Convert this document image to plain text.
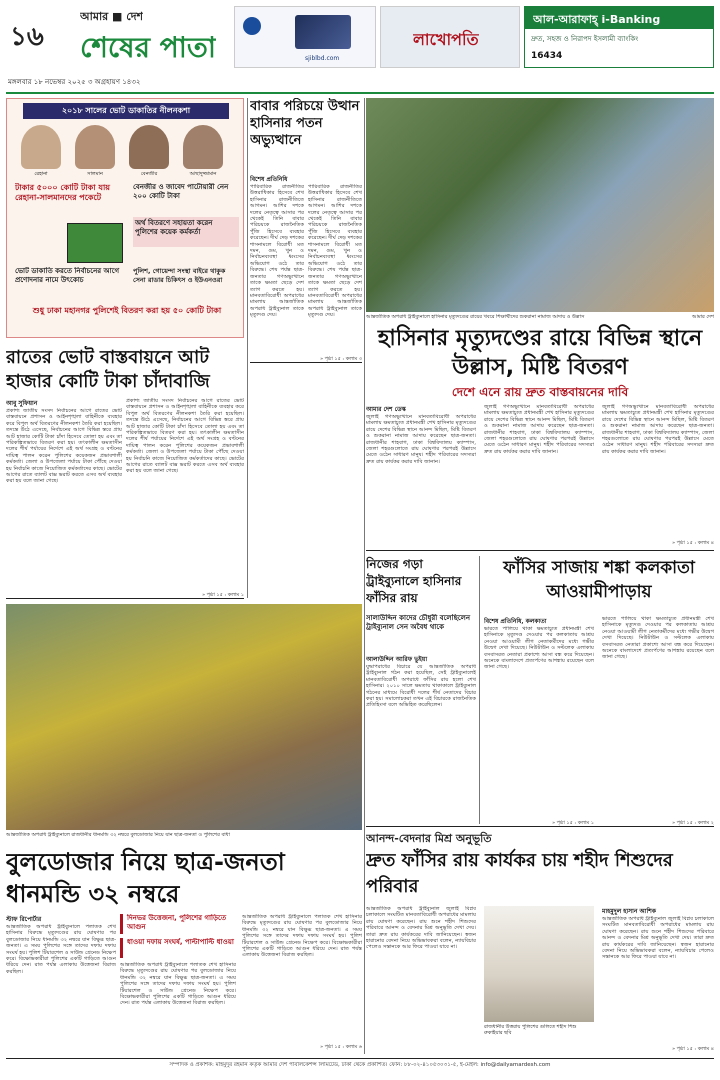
১৬
আমার ■ দেশ
শেষের পাতা
মঙ্গলবার ১৮ নভেম্বর ২০২৫ ৩ অগ্রহায়ণ ১৪৩২
sjiblbd.com
লাখোপতি
আল-আরাফাহ্ i-Banking
দ্রুত, সহজ ও নিরাপদ ইসলামী ব্যাংকিং
16434
২০১৮ সালের ভোট ডাকাতির নীলনকশা
রেহানা	সালমান	বেনজীর	আছাদুজ্জামান
টাকার ৫০০০ কোটি টাকা যায় রেহানা-সালমানদের পকেটে
বেনজীর ও জাবেদ পাটোয়ারী নেন ২০০ কোটি টাকা
অর্থ বিতরণে সহায়তা করেন পুলিশের কয়েক কর্মকর্তা
ভোট ডাকাতি করতে নির্বাচনের আগে প্রণোদনার নামে উৎকোচ
পুলিশ, গোয়েন্দা সংস্থা বাইরে থাকুক সেনা রাডার চিকিৎস ও ইউএনওরা
শুধু ঢাকা মহানগর পুলিশেই বিতরণ করা হয় ৫০ কোটি টাকা
রাতের ভোট বাস্তবায়নে আট হাজার কোটি টাকা চাঁদাবাজি
আবু সুফিয়ান
প্রকাশ্য জাতীয় সংসদ নির্বাচনের আগে রাতের ভোট বাস্তবায়নে প্রশাসন ও আইনশৃঙ্খলা বাহিনীকে ব্যবহার করে বিপুল অর্থ বিতরণের নীলনকশা তৈরি করা হয়েছিল। তদন্তে উঠে এসেছে, নির্বাচনের আগে বিভিন্ন স্তরে প্রায় আট হাজার কোটি টাকা চাঁদা হিসেবে তোলা হয় এবং তা পরিকল্পিতভাবে বিতরণ করা হয়। তৎকালীন ক্ষমতাসীন দলের শীর্ষ পর্যায়ের নির্দেশে এই অর্থ সংগ্রহ ও বণ্টনের দায়িত্ব পালন করেন পুলিশের কয়েকজন প্রভাবশালী কর্মকর্তা। জেলা ও উপজেলা পর্যায়ে টাকা পৌঁছে দেওয়া হয় নির্বাচনি কাজে নিয়োজিত কর্মকর্তাদের কাছে। ভোটের আগের রাতে ব্যালট বাক্স ভরাট করতে এসব অর্থ ব্যবহার করা হয় বলে জানা গেছে।
প্রকাশ্য জাতীয় সংসদ নির্বাচনের আগে রাতের ভোট বাস্তবায়নে প্রশাসন ও আইনশৃঙ্খলা বাহিনীকে ব্যবহার করে বিপুল অর্থ বিতরণের নীলনকশা তৈরি করা হয়েছিল। তদন্তে উঠে এসেছে, নির্বাচনের আগে বিভিন্ন স্তরে প্রায় আট হাজার কোটি টাকা চাঁদা হিসেবে তোলা হয় এবং তা পরিকল্পিতভাবে বিতরণ করা হয়। তৎকালীন ক্ষমতাসীন দলের শীর্ষ পর্যায়ের নির্দেশে এই অর্থ সংগ্রহ ও বণ্টনের দায়িত্ব পালন করেন পুলিশের কয়েকজন প্রভাবশালী কর্মকর্তা। জেলা ও উপজেলা পর্যায়ে টাকা পৌঁছে দেওয়া হয় নির্বাচনি কাজে নিয়োজিত কর্মকর্তাদের কাছে। ভোটের আগের রাতে ব্যালট বাক্স ভরাট করতে এসব অর্থ ব্যবহার করা হয় বলে জানা গেছে।
» পৃষ্ঠা ১৫ : কলাম ১
বাবার পরিচয়ে উত্থান হাসিনার পতন অভ্যুত্থানে
বিশেষ প্রতিনিধি
পারিবারিক রাজনীতির উত্তরাধিকার হিসেবে শেখ হাসিনার রাজনীতিতে আগমন। আশির দশকে দলের নেতৃত্বে আসার পর থেকেই তিনি বাবার পরিচয়কে রাজনৈতিক পুঁজি হিসেবে ব্যবহার করেছেন। দীর্ঘ দেড় দশকের শাসনামলে বিরোধী মত দমন, গুম, খুন ও নির্বাচনব্যবস্থা ধ্বংসের অভিযোগ ওঠে তার বিরুদ্ধে। শেষ পর্যন্ত ছাত্র-জনতার গণঅভ্যুত্থানে তাকে ক্ষমতা ছেড়ে দেশ ত্যাগ করতে হয়। মানবতাবিরোধী অপরাধের মামলায় আন্তর্জাতিক অপরাধ ট্রাইব্যুনাল তাকে মৃত্যুদণ্ড দেয়।
পারিবারিক রাজনীতির উত্তরাধিকার হিসেবে শেখ হাসিনার রাজনীতিতে আগমন। আশির দশকে দলের নেতৃত্বে আসার পর থেকেই তিনি বাবার পরিচয়কে রাজনৈতিক পুঁজি হিসেবে ব্যবহার করেছেন। দীর্ঘ দেড় দশকের শাসনামলে বিরোধী মত দমন, গুম, খুন ও নির্বাচনব্যবস্থা ধ্বংসের অভিযোগ ওঠে তার বিরুদ্ধে। শেষ পর্যন্ত ছাত্র-জনতার গণঅভ্যুত্থানে তাকে ক্ষমতা ছেড়ে দেশ ত্যাগ করতে হয়। মানবতাবিরোধী অপরাধের মামলায় আন্তর্জাতিক অপরাধ ট্রাইব্যুনাল তাকে মৃত্যুদণ্ড দেয়।
» পৃষ্ঠা ১৫ : কলাম ৩
আন্তর্জাতিক অপরাধ ট্রাইব্যুনালে হাসিনার মৃত্যুদণ্ডের রায়ের খবরে শিক্ষার্থীদের শুকরানা নামাজ আদায় ও উল্লাস	আমার দেশ
হাসিনার মৃত্যুদণ্ডের রায়ে বিভিন্ন স্থানে উল্লাস, মিষ্টি বিতরণ
দেশে এনে রায় দ্রুত বাস্তবায়নের দাবি
আমার দেশ ডেস্ক
জুলাই গণঅভ্যুত্থানে মানবতাবিরোধী অপরাধের মামলায় ক্ষমতাচ্যুত প্রধানমন্ত্রী শেখ হাসিনার মৃত্যুদণ্ডের রায়ে দেশের বিভিন্ন স্থানে আনন্দ মিছিল, মিষ্টি বিতরণ ও শুকরানা নামাজ আদায় করেছেন ছাত্র-জনতা। রাজধানীর শাহবাগ, ঢাকা বিশ্ববিদ্যালয় ক্যাম্পাস, জেলা শহরগুলোতে রায় ঘোষণার পরপরই উল্লাসে মেতে ওঠেন সাধারণ মানুষ। শহীদ পরিবারের সদস্যরা দ্রুত রায় কার্যকর করার দাবি জানান।
জুলাই গণঅভ্যুত্থানে মানবতাবিরোধী অপরাধের মামলায় ক্ষমতাচ্যুত প্রধানমন্ত্রী শেখ হাসিনার মৃত্যুদণ্ডের রায়ে দেশের বিভিন্ন স্থানে আনন্দ মিছিল, মিষ্টি বিতরণ ও শুকরানা নামাজ আদায় করেছেন ছাত্র-জনতা। রাজধানীর শাহবাগ, ঢাকা বিশ্ববিদ্যালয় ক্যাম্পাস, জেলা শহরগুলোতে রায় ঘোষণার পরপরই উল্লাসে মেতে ওঠেন সাধারণ মানুষ। শহীদ পরিবারের সদস্যরা দ্রুত রায় কার্যকর করার দাবি জানান।
জুলাই গণঅভ্যুত্থানে মানবতাবিরোধী অপরাধের মামলায় ক্ষমতাচ্যুত প্রধানমন্ত্রী শেখ হাসিনার মৃত্যুদণ্ডের রায়ে দেশের বিভিন্ন স্থানে আনন্দ মিছিল, মিষ্টি বিতরণ ও শুকরানা নামাজ আদায় করেছেন ছাত্র-জনতা। রাজধানীর শাহবাগ, ঢাকা বিশ্ববিদ্যালয় ক্যাম্পাস, জেলা শহরগুলোতে রায় ঘোষণার পরপরই উল্লাসে মেতে ওঠেন সাধারণ মানুষ। শহীদ পরিবারের সদস্যরা দ্রুত রায় কার্যকর করার দাবি জানান।
» পৃষ্ঠা ১৫ : কলাম ৪
আন্তর্জাতিক অপরাধ ট্রাইব্যুনালে রাজধানীর ধানমন্ডি ৩২ নম্বরে বুলডোজার নিয়ে যান ছাত্র-জনতা ও পুলিশের বাধা
নিজের গড়া ট্রাইব্যুনালে হাসিনার ফাঁসির রায়
সালাউদ্দিন কাদের চৌধুরী বলেছিলেন ট্রাইব্যুনাল সেন অবৈধ থাকে
আলাউদ্দিন আরিফ ভুইয়া
যুদ্ধাপরাধের বিচারে যে আন্তর্জাতিক অপরাধ ট্রাইব্যুনাল গঠন করা হয়েছিল, সেই ট্রাইব্যুনালেই মানবতাবিরোধী অপরাধে ফাঁসির রায় হলো শেখ হাসিনার। ২০১০ সালে ক্ষমতায় থাকাকালে ট্রাইব্যুনাল গঠনের মাধ্যমে বিরোধী দলের শীর্ষ নেতাদের বিচার করা হয়। সমালোচকরা তখন এই বিচারকে রাজনৈতিক প্রতিহিংসা বলে অভিহিত করেছিলেন।
ফাঁসির সাজায় শঙ্কা কলকাতা আওয়ামীপাড়ায়
বিশেষ প্রতিনিধি, কলকাতা
ভারতে পালিয়ে থাকা ক্ষমতাচ্যুত প্রধানমন্ত্রী শেখ হাসিনাকে মৃত্যুদণ্ড দেওয়ার পর কলকাতায় আশ্রয় নেওয়া আওয়ামী লীগ নেতাকর্মীদের মধ্যে গভীর উদ্বেগ দেখা দিয়েছে। নিউটাউন ও সল্টলেক এলাকায় বসবাসরত নেতারা প্রকাশ্যে আসা বন্ধ করে দিয়েছেন। অনেকে বাংলাদেশে প্রত্যর্পণের আশঙ্কায় রয়েছেন বলে জানা গেছে।
ভারতে পালিয়ে থাকা ক্ষমতাচ্যুত প্রধানমন্ত্রী শেখ হাসিনাকে মৃত্যুদণ্ড দেওয়ার পর কলকাতায় আশ্রয় নেওয়া আওয়ামী লীগ নেতাকর্মীদের মধ্যে গভীর উদ্বেগ দেখা দিয়েছে। নিউটাউন ও সল্টলেক এলাকায় বসবাসরত নেতারা প্রকাশ্যে আসা বন্ধ করে দিয়েছেন। অনেকে বাংলাদেশে প্রত্যর্পণের আশঙ্কায় রয়েছেন বলে জানা গেছে।
» পৃষ্ঠা ১৫ : কলাম ২
» পৃষ্ঠা ১৫ : কলাম ১
বুলডোজার নিয়ে ছাত্র-জনতা ধানমন্ডি ৩২ নম্বরে
স্টাফ রিপোর্টার
আন্তর্জাতিক অপরাধ ট্রাইব্যুনালে পলাতক শেখ হাসিনার বিরুদ্ধে মৃত্যুদণ্ডের রায় ঘোষণার পর বুলডোজার নিয়ে ধানমন্ডি ৩২ নম্বরে যান বিক্ষুব্ধ ছাত্র-জনতা। এ সময় পুলিশের সঙ্গে তাদের দফায় দফায় সংঘর্ষ হয়। পুলিশ টিয়ারশেল ও সাউন্ড গ্রেনেড নিক্ষেপ করে। বিক্ষোভকারীরা পুলিশের একটি গাড়িতে আগুন ধরিয়ে দেন। রাত পর্যন্ত এলাকায় উত্তেজনা বিরাজ করছিল।
দিনভর উত্তেজনা, পুলিশের গাড়িতে আগুন
ধাওয়া দফায় সংঘর্ষ, পাল্টাপাল্টি ধাওয়া
আন্তর্জাতিক অপরাধ ট্রাইব্যুনালে পলাতক শেখ হাসিনার বিরুদ্ধে মৃত্যুদণ্ডের রায় ঘোষণার পর বুলডোজার নিয়ে ধানমন্ডি ৩২ নম্বরে যান বিক্ষুব্ধ ছাত্র-জনতা। এ সময় পুলিশের সঙ্গে তাদের দফায় দফায় সংঘর্ষ হয়। পুলিশ টিয়ারশেল ও সাউন্ড গ্রেনেড নিক্ষেপ করে। বিক্ষোভকারীরা পুলিশের একটি গাড়িতে আগুন ধরিয়ে দেন। রাত পর্যন্ত এলাকায় উত্তেজনা বিরাজ করছিল।
আন্তর্জাতিক অপরাধ ট্রাইব্যুনালে পলাতক শেখ হাসিনার বিরুদ্ধে মৃত্যুদণ্ডের রায় ঘোষণার পর বুলডোজার নিয়ে ধানমন্ডি ৩২ নম্বরে যান বিক্ষুব্ধ ছাত্র-জনতা। এ সময় পুলিশের সঙ্গে তাদের দফায় দফায় সংঘর্ষ হয়। পুলিশ টিয়ারশেল ও সাউন্ড গ্রেনেড নিক্ষেপ করে। বিক্ষোভকারীরা পুলিশের একটি গাড়িতে আগুন ধরিয়ে দেন। রাত পর্যন্ত এলাকায় উত্তেজনা বিরাজ করছিল।
» পৃষ্ঠা ১৫ : কলাম ৬
আনন্দ-বেদনার মিশ্র অনুভূতি
দ্রুত ফাঁসির রায় কার্যকর চায় শহীদ শিশুদের পরিবার
রাজধানীর উত্তরায় পুলিশের গুলিতে শহীদ শিশু রুকাইয়ার ছবি
মাহমুদুল হাসান আশিক
আন্তর্জাতিক অপরাধ ট্রাইব্যুনাল জুলাই বিপ্লব চলাকালে সংঘটিত মানবতাবিরোধী অপরাধের মামলায় রায় ঘোষণা করেছেন। রায় শুনে শহীদ শিশুদের পরিবারে আনন্দ ও বেদনার মিশ্র অনুভূতি দেখা দেয়। তারা দ্রুত রায় কার্যকরের দাবি জানিয়েছেন। স্বজন হারানোর বেদনা নিয়ে অভিভাবকরা বলেন, ন্যায়বিচার পেলেও সন্তানকে আর ফিরে পাওয়া যাবে না।
আন্তর্জাতিক অপরাধ ট্রাইব্যুনাল জুলাই বিপ্লব চলাকালে সংঘটিত মানবতাবিরোধী অপরাধের মামলায় রায় ঘোষণা করেছেন। রায় শুনে শহীদ শিশুদের পরিবারে আনন্দ ও বেদনার মিশ্র অনুভূতি দেখা দেয়। তারা দ্রুত রায় কার্যকরের দাবি জানিয়েছেন। স্বজন হারানোর বেদনা নিয়ে অভিভাবকরা বলেন, ন্যায়বিচার পেলেও সন্তানকে আর ফিরে পাওয়া যাবে না।
» পৃষ্ঠা ১৫ : কলাম ৪
সম্পাদক ও প্রকাশক: মাহমুদুর রহমান কর্তৃক আমার দেশ পাবলিকেশন্স লিমিটেড, ঢাকা থেকে প্রকাশিত। ফোন: ৮৮-০২-৪১০৫৩০৩১-৫, ই-মেইল: info@dailyamardesh.com
